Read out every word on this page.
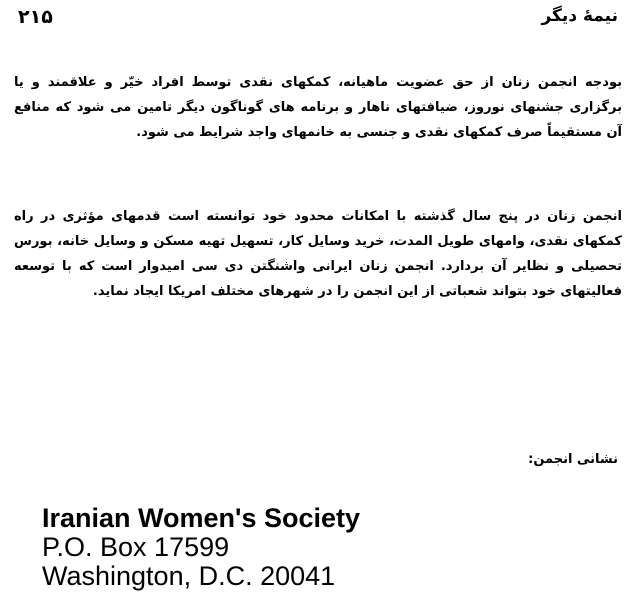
۲۱۵	نیمهٔ دیگر

بودجه انجمن زنان از حق عضویت ماهیانه، کمکهای نقدی توسط افراد خیّر و علاقمند و یا برگزاری جشنهای نوروز، ضیافتهای ناهار و برنامه های گوناگون دیگر تامین می شود که منافع آن مستقیماً صرف کمکهای نقدی و جنسی به خانمهای واجد شرایط می شود.

انجمن زنان در پنج سال گذشته با امکانات محدود خود توانسته است قدمهای مؤثری در راه کمکهای نقدی، وامهای طویل المدت، خرید وسایل کار، تسهیل تهیه مسکن و وسایل خانه، بورس تحصیلی و نظایر آن بردارد. انجمن زنان ایرانی واشنگتن دی سی امیدوار است که با توسعه فعالیتهای خود بتواند شعباتی از این انجمن را در شهرهای مختلف امریکا ایجاد نماید.

نشانی انجمن:
Iranian Women's Society
P.O. Box 17599
Washington, D.C. 20041
